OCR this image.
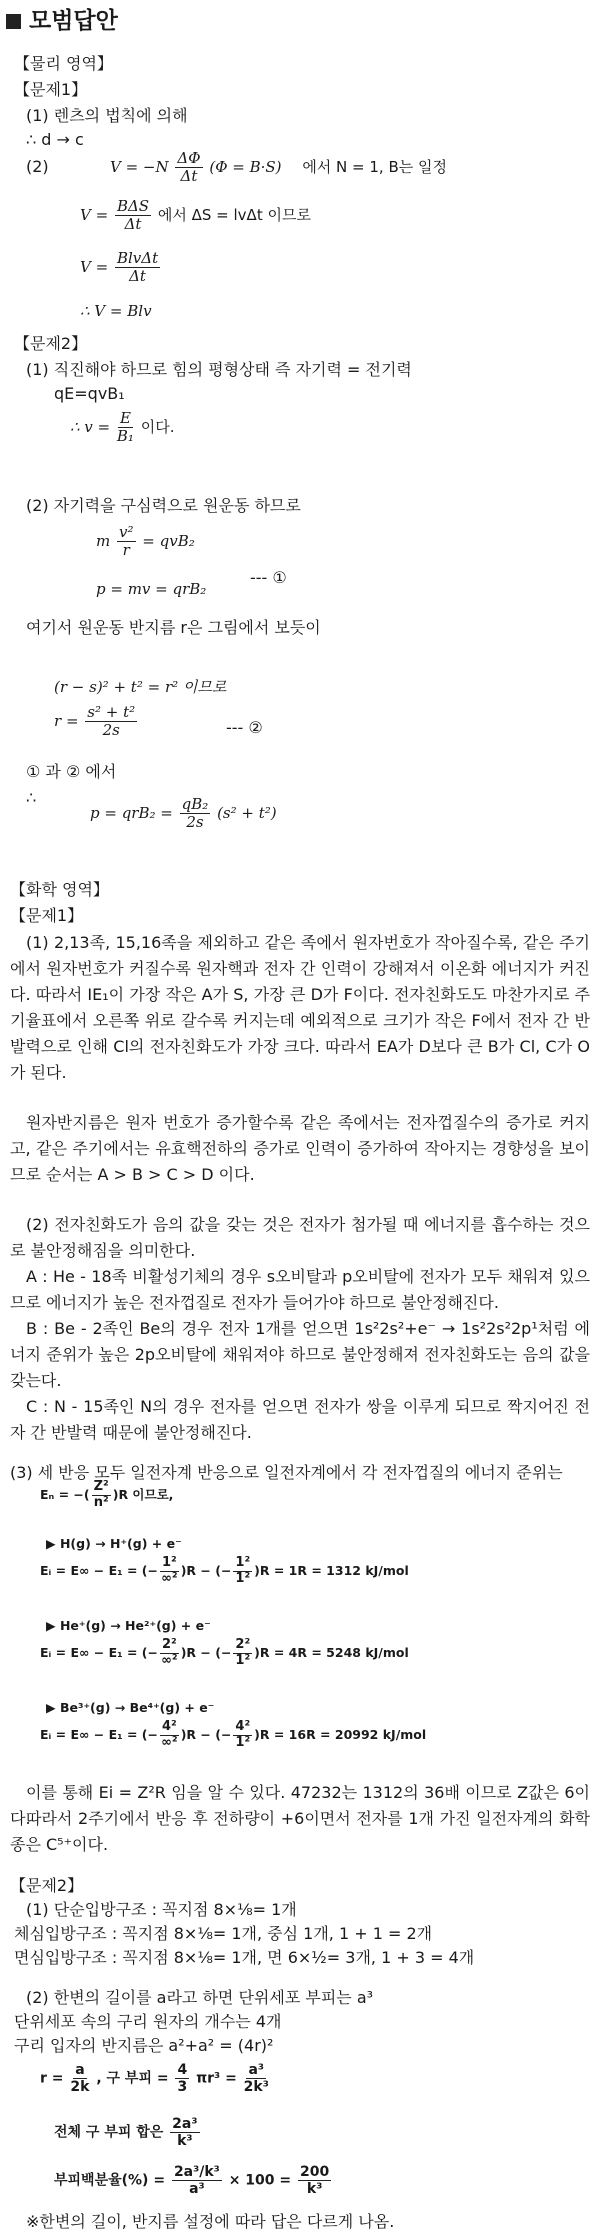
모범답안
【물리 영역】
【문제1】
(1) 렌츠의 법칙에 의해
∴ d → c
(2)	$V = -N \frac{\Delta\Phi}{\Delta t} (\Phi = B\cdot S)$ 에서 N = 1, B는 일정
V = BΔS
Δt
에서 ΔS = lvΔt 이므로
V = BlvΔt
Δt
∴ V = Blv
【문제2】
(1) 직진해야 하므로 힘의 평형상태 즉 자기력 = 전기력
qE=qvB₁
∴ $v = \frac{E}{\text{B₁}}$ 이다.
(2) 자기력을 구심력으로 원운동 하므로
m $\frac{\text{v²}}{r} = qvB_2$
p = mv = qrB₂
--- ①
여기서 원운동 반지름 r은 그림에서 보듯이
(r − s)² + t² = r² 이므로
$r = \frac{\text{s² + t²}}{2s}$	--- ②
① 과 ② 에서
∴
$p = qrB_2 = \frac{\text{qB₂}}{2s} (s^2 + t^2)$
【화학 영역】
【문제1】
(1) 2,13족, 15,16족을 제외하고 같은 족에서 원자번호가 작아질수록, 같은 주기에서 원자번호가 커질수록 원자핵과 전자 간 인력이 강해져서 이온화 에너지가 커진다. 따라서 IE₁이 가장 작은 A가 S, 가장 큰 D가 F이다. 전자친화도도 마찬가지로 주기율표에서 오른쪽 위로 갈수록 커지는데 예외적으로 크기가 작은 F에서 전자 간 반발력으로 인해 Cl의 전자친화도가 가장 크다. 따라서 EA가 D보다 큰 B가 Cl, C가 O가 된다.
원자반지름은 원자 번호가 증가할수록 같은 족에서는 전자껍질수의 증가로 커지고, 같은 주기에서는 유효핵전하의 증가로 인력이 증가하여 작아지는 경향성을 보이므로 순서는 A > B > C > D 이다.
(2) 전자친화도가 음의 값을 갖는 것은 전자가 첨가될 때 에너지를 흡수하는 것으로 불안정해짐을 의미한다.
A : He - 18족 비활성기체의 경우 s오비탈과 p오비탈에 전자가 모두 채워져 있으므로 에너지가 높은 전자껍질로 전자가 들어가야 하므로 불안정해진다.
B : Be - 2족인 Be의 경우 전자 1개를 얻으면 1s²2s²+e⁻ → 1s²2s²2p¹처럼 에너지 준위가 높은 2p오비탈에 채워져야 하므로 불안정해져 전자친화도는 음의 값을 갖는다.
C : N - 15족인 N의 경우 전자를 얻으면 전자가 쌍을 이루게 되므로 짝지어진 전자 간 반발력 때문에 불안정해진다.
(3) 세 반응 모두 일전자계 반응으로 일전자계에서 각 전자껍질의 에너지 준위는
Eₙ = −( $\frac{\text{Z²}}{\text{n²}} )R$ 이므로,
▶ H(g) → H⁺(g) + e⁻
Eᵢ = E∞ − E₁ = (−
1²
∞²
)R − (− $\frac{\text{1²}}{\text{1²}} )R = 1R = 1312$ kJ/mol
▶ He⁺(g) → He²⁺(g) + e⁻
Eᵢ = E∞ − E₁ = (−
2²
∞²
)R − (− $\frac{\text{2²}}{\text{1²}} )R = 4R = 5248$ kJ/mol
▶ Be³⁺(g) → Be⁴⁺(g) + e⁻
Eᵢ = E∞ − E₁ = (−
4²
∞²
)R − (− $\frac{\text{4²}}{\text{1²}} )R = 16R = 20992$ kJ/mol
이를 통해 Ei = Z²R 임을 알 수 있다. 47232는 1312의 36배 이므로 Z값은 6이다.
따라서 2주기에서 반응 후 전하량이 +6이면서 전자를 1개 가진 일전자계의 화학종은 C⁵⁺이다.
【문제2】
(1) 단순입방구조 : 꼭지점 8×⅛= 1개
체심입방구조 : 꼭지점 8×⅛= 1개, 중심 1개, 1 + 1 = 2개
면심입방구조 : 꼭지점 8×⅛= 1개, 면 6×½= 3개, 1 + 3 = 4개
(2) 한변의 길이를 a라고 하면 단위세포 부피는 a³
단위세포 속의 구리 원자의 개수는 4개
구리 입자의 반지름은 a²+a² = (4r)²
$r = \frac{a}{2k}$ , 구 부피 = $\frac{4}{3} \pi r^3 = \frac{\text{a³}}{\text{2k³}}$
전체 구 부피 합은 $\frac{\text{2a³}}{\text{k³}}$
부피백분율(%) = $\frac{\text{2a³/k³}}{\text{a³}} \times 100 = \frac{200}{\text{k³}}$
※한변의 길이, 반지름 설정에 따라 답은 다르게 나옴.
